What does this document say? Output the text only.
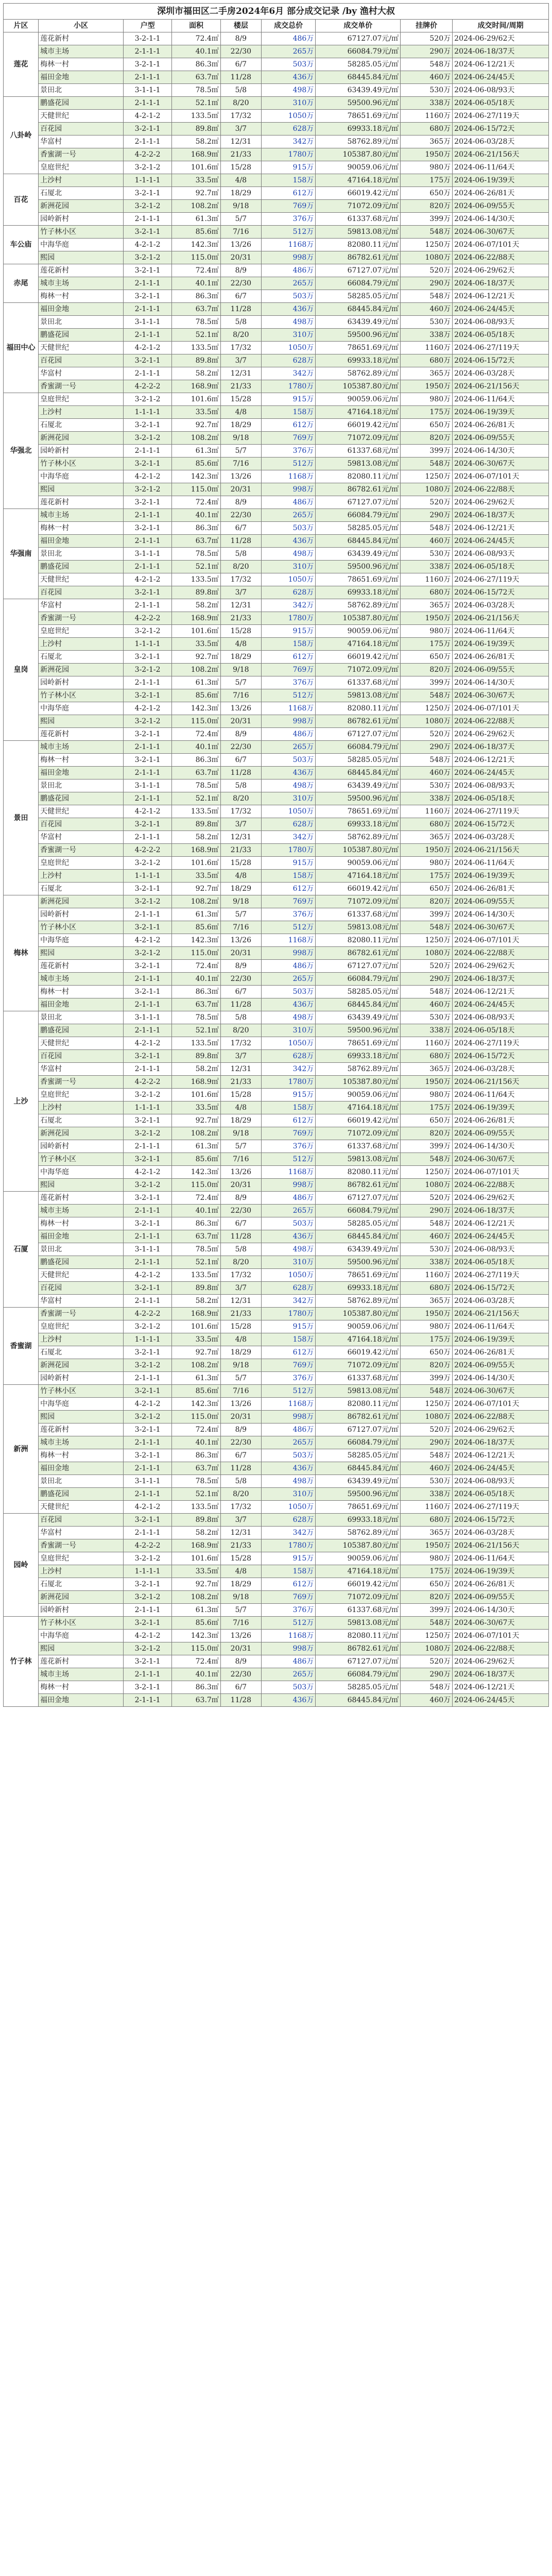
深圳市福田区二手房2024年6月 部分成交记录 /by 渔村大叔								
片区	小区	户型	面积	楼层	成交总价	成交单价	挂牌价	成交时间/周期
莲花	莲花新村	3-2-1-1	72.4㎡	8/9	486万	67127.07元/㎡	520万	2024-06-29/62天
	城市主场	2-1-1-1	40.1㎡	22/30	265万	66084.79元/㎡	290万	2024-06-18/37天
	梅林一村	3-2-1-1	86.3㎡	6/7	503万	58285.05元/㎡	548万	2024-06-12/21天
	福田金地	2-1-1-1	63.7㎡	11/28	436万	68445.84元/㎡	460万	2024-06-24/45天
	景田北	3-1-1-1	78.5㎡	5/8	498万	63439.49元/㎡	530万	2024-06-08/93天
八卦岭	鹏盛花园	2-1-1-1	52.1㎡	8/20	310万	59500.96元/㎡	338万	2024-06-05/18天
	天健世纪	4-2-1-2	133.5㎡	17/32	1050万	78651.69元/㎡	1160万	2024-06-27/119天
	百花园	3-2-1-1	89.8㎡	3/7	628万	69933.18元/㎡	680万	2024-06-15/72天
	华富村	2-1-1-1	58.2㎡	12/31	342万	58762.89元/㎡	365万	2024-06-03/28天
	香蜜湖一号	4-2-2-2	168.9㎡	21/33	1780万	105387.80元/㎡	1950万	2024-06-21/156天
	皇庭世纪	3-2-1-2	101.6㎡	15/28	915万	90059.06元/㎡	980万	2024-06-11/64天
百花	上沙村	1-1-1-1	33.5㎡	4/8	158万	47164.18元/㎡	175万	2024-06-19/39天
	石厦北	3-2-1-1	92.7㎡	18/29	612万	66019.42元/㎡	650万	2024-06-26/81天
	新洲花园	3-2-1-2	108.2㎡	9/18	769万	71072.09元/㎡	820万	2024-06-09/55天
	园岭新村	2-1-1-1	61.3㎡	5/7	376万	61337.68元/㎡	399万	2024-06-14/30天
车公庙	竹子林小区	3-2-1-1	85.6㎡	7/16	512万	59813.08元/㎡	548万	2024-06-30/67天
	中海华庭	4-2-1-2	142.3㎡	13/26	1168万	82080.11元/㎡	1250万	2024-06-07/101天
	熙园	3-2-1-2	115.0㎡	20/31	998万	86782.61元/㎡	1080万	2024-06-22/88天
赤尾	莲花新村	3-2-1-1	72.4㎡	8/9	486万	67127.07元/㎡	520万	2024-06-29/62天
	城市主场	2-1-1-1	40.1㎡	22/30	265万	66084.79元/㎡	290万	2024-06-18/37天
	梅林一村	3-2-1-1	86.3㎡	6/7	503万	58285.05元/㎡	548万	2024-06-12/21天
福田中心	福田金地	2-1-1-1	63.7㎡	11/28	436万	68445.84元/㎡	460万	2024-06-24/45天
	景田北	3-1-1-1	78.5㎡	5/8	498万	63439.49元/㎡	530万	2024-06-08/93天
	鹏盛花园	2-1-1-1	52.1㎡	8/20	310万	59500.96元/㎡	338万	2024-06-05/18天
	天健世纪	4-2-1-2	133.5㎡	17/32	1050万	78651.69元/㎡	1160万	2024-06-27/119天
	百花园	3-2-1-1	89.8㎡	3/7	628万	69933.18元/㎡	680万	2024-06-15/72天
	华富村	2-1-1-1	58.2㎡	12/31	342万	58762.89元/㎡	365万	2024-06-03/28天
	香蜜湖一号	4-2-2-2	168.9㎡	21/33	1780万	105387.80元/㎡	1950万	2024-06-21/156天
华强北	皇庭世纪	3-2-1-2	101.6㎡	15/28	915万	90059.06元/㎡	980万	2024-06-11/64天
	上沙村	1-1-1-1	33.5㎡	4/8	158万	47164.18元/㎡	175万	2024-06-19/39天
	石厦北	3-2-1-1	92.7㎡	18/29	612万	66019.42元/㎡	650万	2024-06-26/81天
	新洲花园	3-2-1-2	108.2㎡	9/18	769万	71072.09元/㎡	820万	2024-06-09/55天
	园岭新村	2-1-1-1	61.3㎡	5/7	376万	61337.68元/㎡	399万	2024-06-14/30天
	竹子林小区	3-2-1-1	85.6㎡	7/16	512万	59813.08元/㎡	548万	2024-06-30/67天
	中海华庭	4-2-1-2	142.3㎡	13/26	1168万	82080.11元/㎡	1250万	2024-06-07/101天
	熙园	3-2-1-2	115.0㎡	20/31	998万	86782.61元/㎡	1080万	2024-06-22/88天
	莲花新村	3-2-1-1	72.4㎡	8/9	486万	67127.07元/㎡	520万	2024-06-29/62天
华强南	城市主场	2-1-1-1	40.1㎡	22/30	265万	66084.79元/㎡	290万	2024-06-18/37天
	梅林一村	3-2-1-1	86.3㎡	6/7	503万	58285.05元/㎡	548万	2024-06-12/21天
	福田金地	2-1-1-1	63.7㎡	11/28	436万	68445.84元/㎡	460万	2024-06-24/45天
	景田北	3-1-1-1	78.5㎡	5/8	498万	63439.49元/㎡	530万	2024-06-08/93天
	鹏盛花园	2-1-1-1	52.1㎡	8/20	310万	59500.96元/㎡	338万	2024-06-05/18天
	天健世纪	4-2-1-2	133.5㎡	17/32	1050万	78651.69元/㎡	1160万	2024-06-27/119天
	百花园	3-2-1-1	89.8㎡	3/7	628万	69933.18元/㎡	680万	2024-06-15/72天
皇岗	华富村	2-1-1-1	58.2㎡	12/31	342万	58762.89元/㎡	365万	2024-06-03/28天
	香蜜湖一号	4-2-2-2	168.9㎡	21/33	1780万	105387.80元/㎡	1950万	2024-06-21/156天
	皇庭世纪	3-2-1-2	101.6㎡	15/28	915万	90059.06元/㎡	980万	2024-06-11/64天
	上沙村	1-1-1-1	33.5㎡	4/8	158万	47164.18元/㎡	175万	2024-06-19/39天
	石厦北	3-2-1-1	92.7㎡	18/29	612万	66019.42元/㎡	650万	2024-06-26/81天
	新洲花园	3-2-1-2	108.2㎡	9/18	769万	71072.09元/㎡	820万	2024-06-09/55天
	园岭新村	2-1-1-1	61.3㎡	5/7	376万	61337.68元/㎡	399万	2024-06-14/30天
	竹子林小区	3-2-1-1	85.6㎡	7/16	512万	59813.08元/㎡	548万	2024-06-30/67天
	中海华庭	4-2-1-2	142.3㎡	13/26	1168万	82080.11元/㎡	1250万	2024-06-07/101天
	熙园	3-2-1-2	115.0㎡	20/31	998万	86782.61元/㎡	1080万	2024-06-22/88天
	莲花新村	3-2-1-1	72.4㎡	8/9	486万	67127.07元/㎡	520万	2024-06-29/62天
景田	城市主场	2-1-1-1	40.1㎡	22/30	265万	66084.79元/㎡	290万	2024-06-18/37天
	梅林一村	3-2-1-1	86.3㎡	6/7	503万	58285.05元/㎡	548万	2024-06-12/21天
	福田金地	2-1-1-1	63.7㎡	11/28	436万	68445.84元/㎡	460万	2024-06-24/45天
	景田北	3-1-1-1	78.5㎡	5/8	498万	63439.49元/㎡	530万	2024-06-08/93天
	鹏盛花园	2-1-1-1	52.1㎡	8/20	310万	59500.96元/㎡	338万	2024-06-05/18天
	天健世纪	4-2-1-2	133.5㎡	17/32	1050万	78651.69元/㎡	1160万	2024-06-27/119天
	百花园	3-2-1-1	89.8㎡	3/7	628万	69933.18元/㎡	680万	2024-06-15/72天
	华富村	2-1-1-1	58.2㎡	12/31	342万	58762.89元/㎡	365万	2024-06-03/28天
	香蜜湖一号	4-2-2-2	168.9㎡	21/33	1780万	105387.80元/㎡	1950万	2024-06-21/156天
	皇庭世纪	3-2-1-2	101.6㎡	15/28	915万	90059.06元/㎡	980万	2024-06-11/64天
	上沙村	1-1-1-1	33.5㎡	4/8	158万	47164.18元/㎡	175万	2024-06-19/39天
	石厦北	3-2-1-1	92.7㎡	18/29	612万	66019.42元/㎡	650万	2024-06-26/81天
梅林	新洲花园	3-2-1-2	108.2㎡	9/18	769万	71072.09元/㎡	820万	2024-06-09/55天
	园岭新村	2-1-1-1	61.3㎡	5/7	376万	61337.68元/㎡	399万	2024-06-14/30天
	竹子林小区	3-2-1-1	85.6㎡	7/16	512万	59813.08元/㎡	548万	2024-06-30/67天
	中海华庭	4-2-1-2	142.3㎡	13/26	1168万	82080.11元/㎡	1250万	2024-06-07/101天
	熙园	3-2-1-2	115.0㎡	20/31	998万	86782.61元/㎡	1080万	2024-06-22/88天
	莲花新村	3-2-1-1	72.4㎡	8/9	486万	67127.07元/㎡	520万	2024-06-29/62天
	城市主场	2-1-1-1	40.1㎡	22/30	265万	66084.79元/㎡	290万	2024-06-18/37天
	梅林一村	3-2-1-1	86.3㎡	6/7	503万	58285.05元/㎡	548万	2024-06-12/21天
	福田金地	2-1-1-1	63.7㎡	11/28	436万	68445.84元/㎡	460万	2024-06-24/45天
上沙	景田北	3-1-1-1	78.5㎡	5/8	498万	63439.49元/㎡	530万	2024-06-08/93天
	鹏盛花园	2-1-1-1	52.1㎡	8/20	310万	59500.96元/㎡	338万	2024-06-05/18天
	天健世纪	4-2-1-2	133.5㎡	17/32	1050万	78651.69元/㎡	1160万	2024-06-27/119天
	百花园	3-2-1-1	89.8㎡	3/7	628万	69933.18元/㎡	680万	2024-06-15/72天
	华富村	2-1-1-1	58.2㎡	12/31	342万	58762.89元/㎡	365万	2024-06-03/28天
	香蜜湖一号	4-2-2-2	168.9㎡	21/33	1780万	105387.80元/㎡	1950万	2024-06-21/156天
	皇庭世纪	3-2-1-2	101.6㎡	15/28	915万	90059.06元/㎡	980万	2024-06-11/64天
	上沙村	1-1-1-1	33.5㎡	4/8	158万	47164.18元/㎡	175万	2024-06-19/39天
	石厦北	3-2-1-1	92.7㎡	18/29	612万	66019.42元/㎡	650万	2024-06-26/81天
	新洲花园	3-2-1-2	108.2㎡	9/18	769万	71072.09元/㎡	820万	2024-06-09/55天
	园岭新村	2-1-1-1	61.3㎡	5/7	376万	61337.68元/㎡	399万	2024-06-14/30天
	竹子林小区	3-2-1-1	85.6㎡	7/16	512万	59813.08元/㎡	548万	2024-06-30/67天
	中海华庭	4-2-1-2	142.3㎡	13/26	1168万	82080.11元/㎡	1250万	2024-06-07/101天
	熙园	3-2-1-2	115.0㎡	20/31	998万	86782.61元/㎡	1080万	2024-06-22/88天
石厦	莲花新村	3-2-1-1	72.4㎡	8/9	486万	67127.07元/㎡	520万	2024-06-29/62天
	城市主场	2-1-1-1	40.1㎡	22/30	265万	66084.79元/㎡	290万	2024-06-18/37天
	梅林一村	3-2-1-1	86.3㎡	6/7	503万	58285.05元/㎡	548万	2024-06-12/21天
	福田金地	2-1-1-1	63.7㎡	11/28	436万	68445.84元/㎡	460万	2024-06-24/45天
	景田北	3-1-1-1	78.5㎡	5/8	498万	63439.49元/㎡	530万	2024-06-08/93天
	鹏盛花园	2-1-1-1	52.1㎡	8/20	310万	59500.96元/㎡	338万	2024-06-05/18天
	天健世纪	4-2-1-2	133.5㎡	17/32	1050万	78651.69元/㎡	1160万	2024-06-27/119天
	百花园	3-2-1-1	89.8㎡	3/7	628万	69933.18元/㎡	680万	2024-06-15/72天
	华富村	2-1-1-1	58.2㎡	12/31	342万	58762.89元/㎡	365万	2024-06-03/28天
香蜜湖	香蜜湖一号	4-2-2-2	168.9㎡	21/33	1780万	105387.80元/㎡	1950万	2024-06-21/156天
	皇庭世纪	3-2-1-2	101.6㎡	15/28	915万	90059.06元/㎡	980万	2024-06-11/64天
	上沙村	1-1-1-1	33.5㎡	4/8	158万	47164.18元/㎡	175万	2024-06-19/39天
	石厦北	3-2-1-1	92.7㎡	18/29	612万	66019.42元/㎡	650万	2024-06-26/81天
	新洲花园	3-2-1-2	108.2㎡	9/18	769万	71072.09元/㎡	820万	2024-06-09/55天
	园岭新村	2-1-1-1	61.3㎡	5/7	376万	61337.68元/㎡	399万	2024-06-14/30天
新洲	竹子林小区	3-2-1-1	85.6㎡	7/16	512万	59813.08元/㎡	548万	2024-06-30/67天
	中海华庭	4-2-1-2	142.3㎡	13/26	1168万	82080.11元/㎡	1250万	2024-06-07/101天
	熙园	3-2-1-2	115.0㎡	20/31	998万	86782.61元/㎡	1080万	2024-06-22/88天
	莲花新村	3-2-1-1	72.4㎡	8/9	486万	67127.07元/㎡	520万	2024-06-29/62天
	城市主场	2-1-1-1	40.1㎡	22/30	265万	66084.79元/㎡	290万	2024-06-18/37天
	梅林一村	3-2-1-1	86.3㎡	6/7	503万	58285.05元/㎡	548万	2024-06-12/21天
	福田金地	2-1-1-1	63.7㎡	11/28	436万	68445.84元/㎡	460万	2024-06-24/45天
	景田北	3-1-1-1	78.5㎡	5/8	498万	63439.49元/㎡	530万	2024-06-08/93天
	鹏盛花园	2-1-1-1	52.1㎡	8/20	310万	59500.96元/㎡	338万	2024-06-05/18天
	天健世纪	4-2-1-2	133.5㎡	17/32	1050万	78651.69元/㎡	1160万	2024-06-27/119天
园岭	百花园	3-2-1-1	89.8㎡	3/7	628万	69933.18元/㎡	680万	2024-06-15/72天
	华富村	2-1-1-1	58.2㎡	12/31	342万	58762.89元/㎡	365万	2024-06-03/28天
	香蜜湖一号	4-2-2-2	168.9㎡	21/33	1780万	105387.80元/㎡	1950万	2024-06-21/156天
	皇庭世纪	3-2-1-2	101.6㎡	15/28	915万	90059.06元/㎡	980万	2024-06-11/64天
	上沙村	1-1-1-1	33.5㎡	4/8	158万	47164.18元/㎡	175万	2024-06-19/39天
	石厦北	3-2-1-1	92.7㎡	18/29	612万	66019.42元/㎡	650万	2024-06-26/81天
	新洲花园	3-2-1-2	108.2㎡	9/18	769万	71072.09元/㎡	820万	2024-06-09/55天
	园岭新村	2-1-1-1	61.3㎡	5/7	376万	61337.68元/㎡	399万	2024-06-14/30天
竹子林	竹子林小区	3-2-1-1	85.6㎡	7/16	512万	59813.08元/㎡	548万	2024-06-30/67天
	中海华庭	4-2-1-2	142.3㎡	13/26	1168万	82080.11元/㎡	1250万	2024-06-07/101天
	熙园	3-2-1-2	115.0㎡	20/31	998万	86782.61元/㎡	1080万	2024-06-22/88天
	莲花新村	3-2-1-1	72.4㎡	8/9	486万	67127.07元/㎡	520万	2024-06-29/62天
	城市主场	2-1-1-1	40.1㎡	22/30	265万	66084.79元/㎡	290万	2024-06-18/37天
	梅林一村	3-2-1-1	86.3㎡	6/7	503万	58285.05元/㎡	548万	2024-06-12/21天
	福田金地	2-1-1-1	63.7㎡	11/28	436万	68445.84元/㎡	460万	2024-06-24/45天
